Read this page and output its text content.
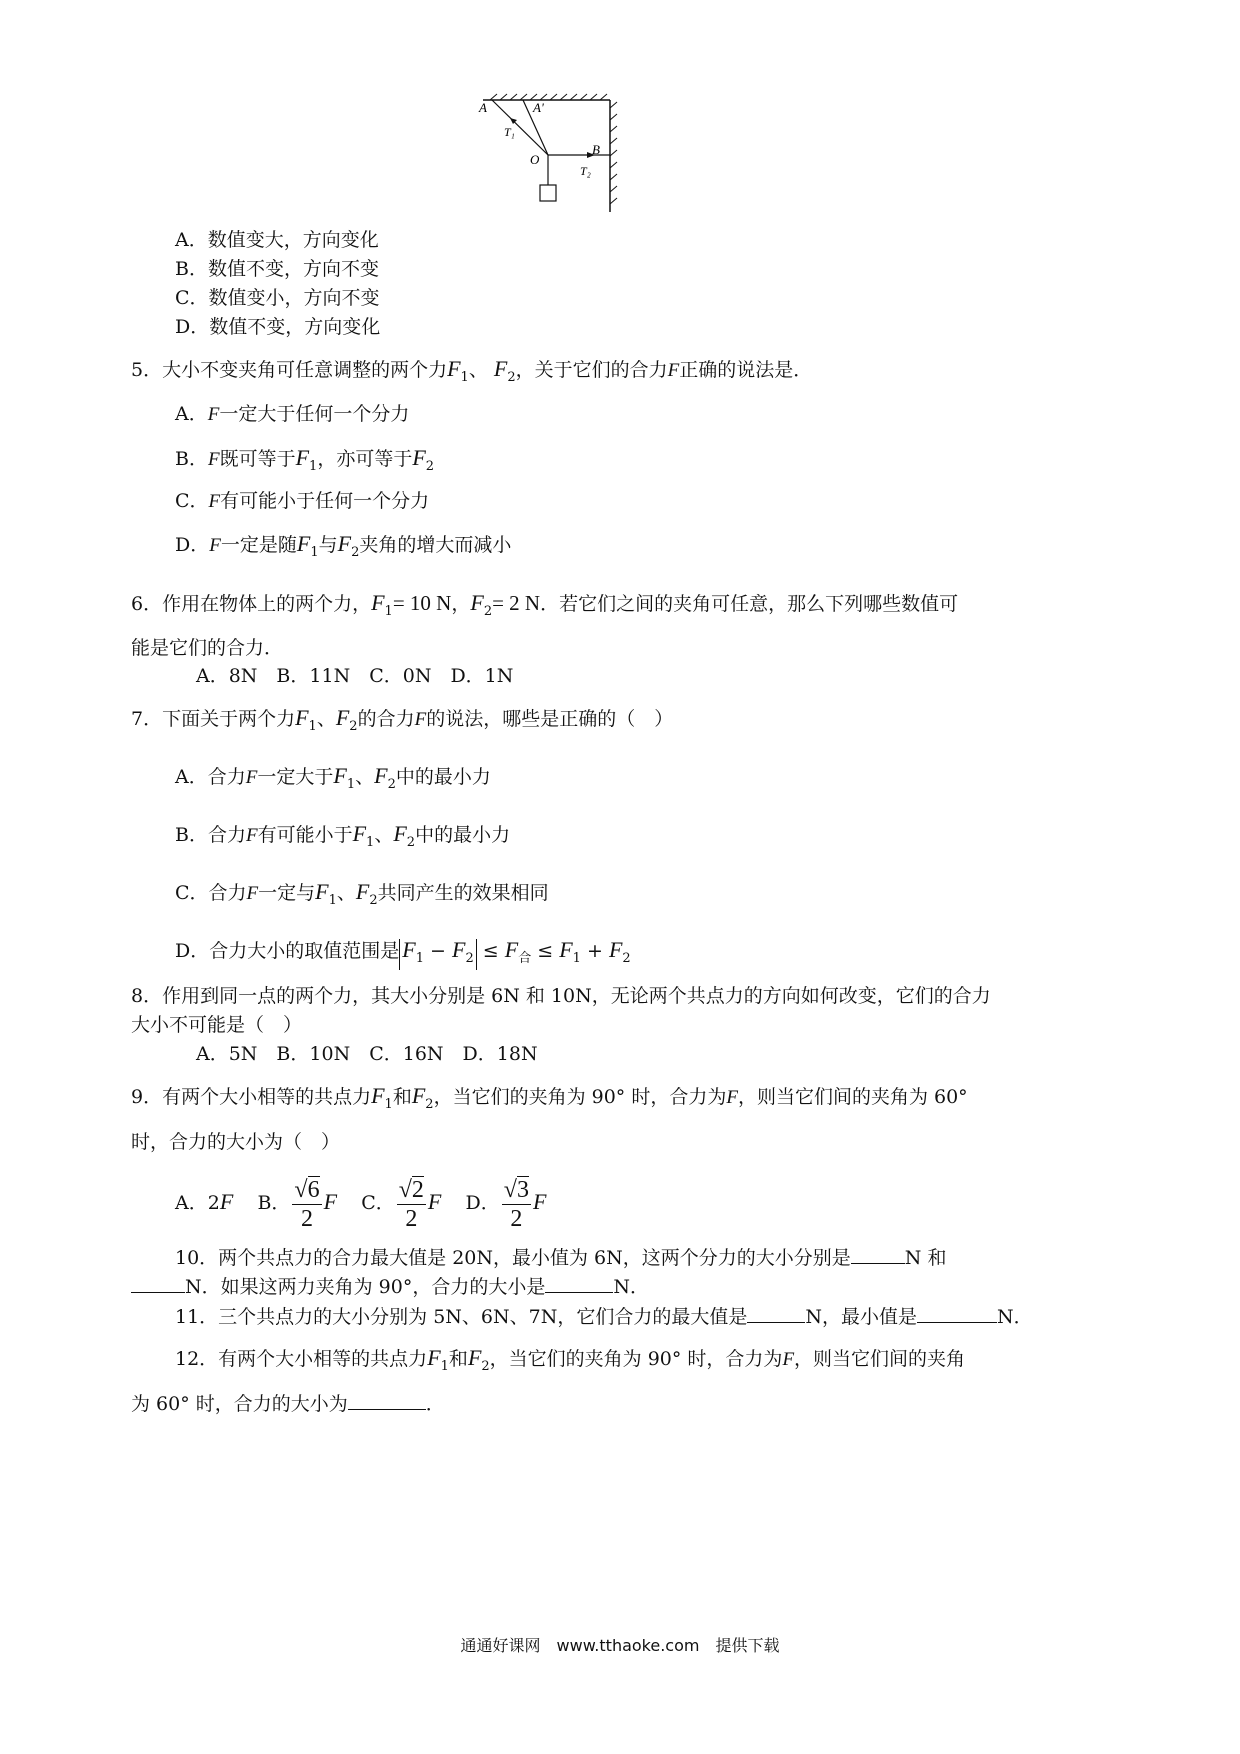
A	A'
T₁
O
B
T₂
A．数值变大，方向变化
B．数值不变，方向不变
C．数值变小，方向不变
D．数值不变，方向变化
5．大小不变夹角可任意调整的两个力$F_1$、 $F_2$，关于它们的合力F正确的说法是．
A．F一定大于任何一个分力
B．F既可等于$F_1$，亦可等于$F_2$
C．F有可能小于任何一个分力
D．F一定是随$F_1$与$F_2$夹角的增大而减小
6．作用在物体上的两个力，$F_1= 10$ N，$F_2= 2$ N．若它们之间的夹角可任意，那么下列哪些数值可
能是它们的合力．
A．8N　B．11N　C．0N　D．1N
7．下面关于两个力$F_1$、$F_2$的合力F的说法，哪些是正确的（　）
A．合力F一定大于$F_1$、$F_2$中的最小力
B．合力F有可能小于$F_1$、$F_2$中的最小力
C．合力F一定与$F_1$、$F_2$共同产生的效果相同
D．合力大小的取值范围是 $F_1 - F_2 \le F_合 \le F_1 + F_2$
8．作用到同一点的两个力，其大小分别是 6N 和 10N，无论两个共点力的方向如何改变，它们的合力
大小不可能是（　）
A．5N　B．10N　C．16N　D．18N
9．有两个大小相等的共点力$F_1$和$F_2$，当它们的夹角为 90° 时，合力为F，则当它们间的夹角为 60°
时，合力的大小为（　）
A．2F B． $\frac{√6}{2}$ F C． $\frac{√2}{2}$ F D． $\frac{√3}{2}$ F
10．两个共点力的合力最大值是 20N，最小值为 6N，这两个分力的大小分别是	N 和
N．如果这两力夹角为 90°，合力的大小是	N．
11．三个共点力的大小分别为 5N、6N、7N，它们合力的最大值是	N，最小值是	N．
12．有两个大小相等的共点力$F_1$和$F_2$，当它们的夹角为 90° 时，合力为F，则当它们间的夹角
为 60° 时，合力的大小为	．
通通好课网　www.tthaoke.com　提供下载
